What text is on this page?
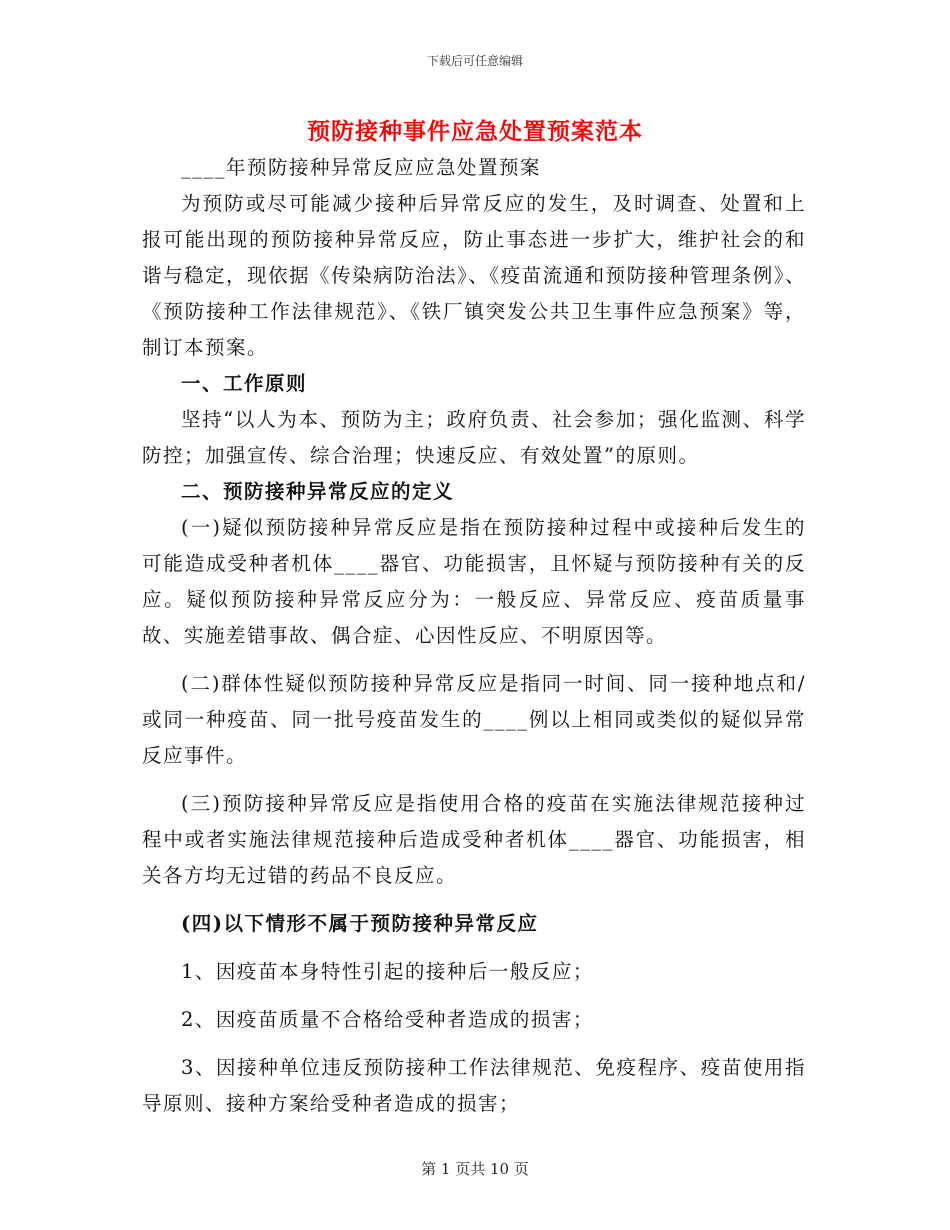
下载后可任意编辑
预防接种事件应急处置预案范本

____年预防接种异常反应应急处置预案

为预防或尽可能减少接种后异常反应的发生，及时调查、处置和上报可能出现的预防接种异常反应，防止事态进一步扩大，维护社会的和谐与稳定，现依据《传染病防治法》、《疫苗流通和预防接种管理条例》、《预防接种工作法律规范》、《铁厂镇突发公共卫生事件应急预案》等，制订本预案。

一、工作原则

坚持“以人为本、预防为主；政府负责、社会参加；强化监测、科学防控；加强宣传、综合治理；快速反应、有效处置”的原则。

二、预防接种异常反应的定义

(一)疑似预防接种异常反应是指在预防接种过程中或接种后发生的可能造成受种者机体____器官、功能损害，且怀疑与预防接种有关的反应。疑似预防接种异常反应分为：一般反应、异常反应、疫苗质量事故、实施差错事故、偶合症、心因性反应、不明原因等。

(二)群体性疑似预防接种异常反应是指同一时间、同一接种地点和/或同一种疫苗、同一批号疫苗发生的____例以上相同或类似的疑似异常反应事件。

(三)预防接种异常反应是指使用合格的疫苗在实施法律规范接种过程中或者实施法律规范接种后造成受种者机体____器官、功能损害，相关各方均无过错的药品不良反应。

(四)以下情形不属于预防接种异常反应

1、因疫苗本身特性引起的接种后一般反应；

2、因疫苗质量不合格给受种者造成的损害；

3、因接种单位违反预防接种工作法律规范、免疫程序、疫苗使用指导原则、接种方案给受种者造成的损害；

第 1 页共 10 页
